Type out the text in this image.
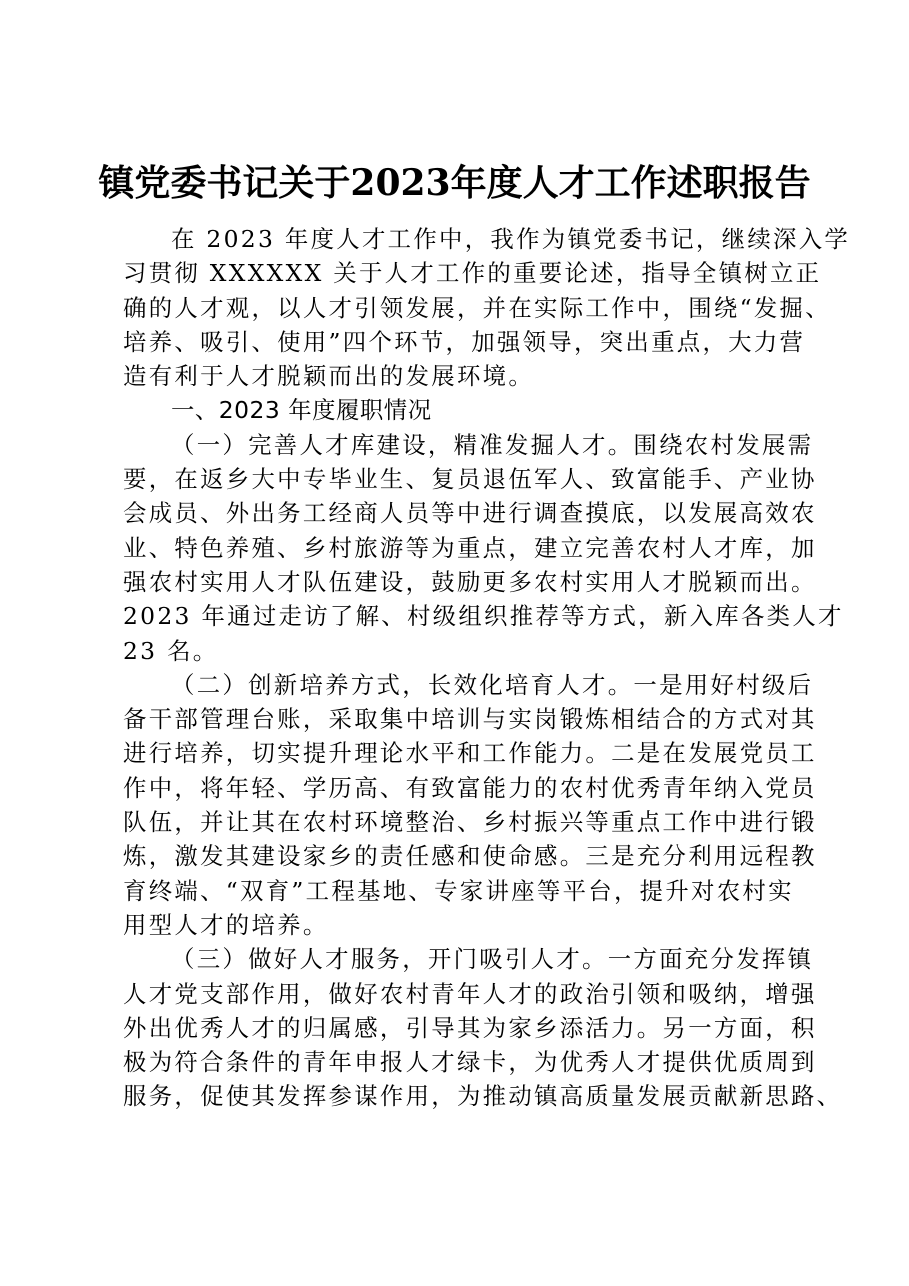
镇党委书记关于2023年度人才工作述职报告
在 2023 年度人才工作中，我作为镇党委书记，继续深入学
习贯彻 XXXXXX 关于人才工作的重要论述，指导全镇树立正
确的人才观，以人才引领发展，并在实际工作中，围绕“发掘、
培养、吸引、使用”四个环节，加强领导，突出重点，大力营
造有利于人才脱颖而出的发展环境。
一、2023 年度履职情况
（一）完善人才库建设，精准发掘人才。围绕农村发展需
要，在返乡大中专毕业生、复员退伍军人、致富能手、产业协
会成员、外出务工经商人员等中进行调查摸底，以发展高效农
业、特色养殖、乡村旅游等为重点，建立完善农村人才库，加
强农村实用人才队伍建设，鼓励更多农村实用人才脱颖而出。
2023 年通过走访了解、村级组织推荐等方式，新入库各类人才
23 名。
（二）创新培养方式，长效化培育人才。一是用好村级后
备干部管理台账，采取集中培训与实岗锻炼相结合的方式对其
进行培养，切实提升理论水平和工作能力。二是在发展党员工
作中，将年轻、学历高、有致富能力的农村优秀青年纳入党员
队伍，并让其在农村环境整治、乡村振兴等重点工作中进行锻
炼，激发其建设家乡的责任感和使命感。三是充分利用远程教
育终端、“双育”工程基地、专家讲座等平台，提升对农村实
用型人才的培养。
（三）做好人才服务，开门吸引人才。一方面充分发挥镇
人才党支部作用，做好农村青年人才的政治引领和吸纳，增强
外出优秀人才的归属感，引导其为家乡添活力。另一方面，积
极为符合条件的青年申报人才绿卡，为优秀人才提供优质周到
服务，促使其发挥参谋作用，为推动镇高质量发展贡献新思路、
